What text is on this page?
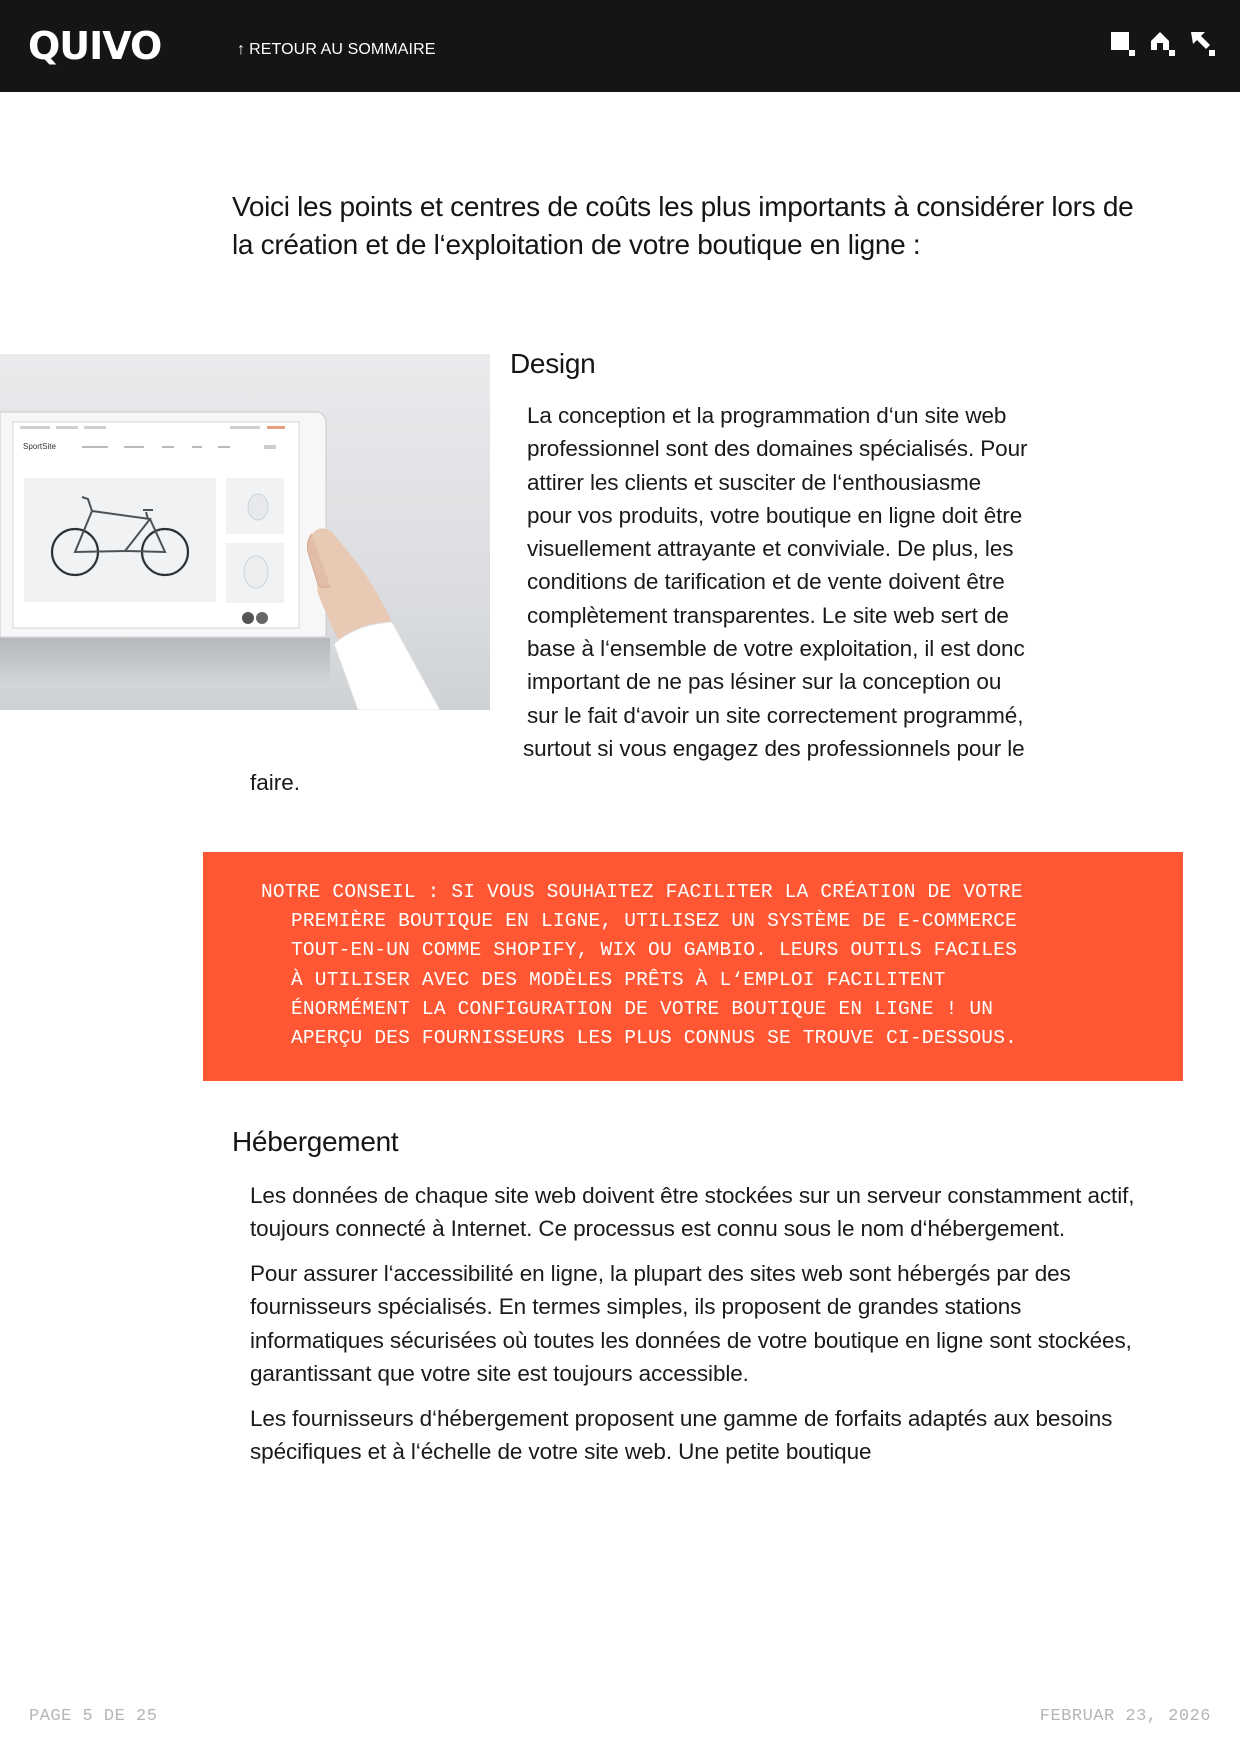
QUIVO	↑ RETOUR AU SOMMAIRE
Voici les points et centres de coûts les plus importants à considérer lors de la création et de l‘exploitation de votre boutique en ligne :
SportSite
Design
La conception et la programmation d‘un site web
professionnel sont des domaines spécialisés. Pour
attirer les clients et susciter de l‘enthousiasme
pour vos produits, votre boutique en ligne doit être
visuellement attrayante et conviviale. De plus, les
conditions de tarification et de vente doivent être
complètement transparentes. Le site web sert de
base à l‘ensemble de votre exploitation, il est donc
important de ne pas lésiner sur la conception ou
sur le fait d‘avoir un site correctement programmé,
surtout si vous engagez des professionnels pour le
faire.
NOTRE CONSEIL : SI VOUS SOUHAITEZ FACILITER LA CRÉATION DE VOTRE
PREMIÈRE BOUTIQUE EN LIGNE, UTILISEZ UN SYSTÈME DE E-COMMERCE
TOUT-EN-UN COMME SHOPIFY, WIX OU GAMBIO. LEURS OUTILS FACILES
À UTILISER AVEC DES MODÈLES PRÊTS À L‘EMPLOI FACILITENT
ÉNORMÉMENT LA CONFIGURATION DE VOTRE BOUTIQUE EN LIGNE ! UN
APERÇU DES FOURNISSEURS LES PLUS CONNUS SE TROUVE CI-DESSOUS.
Hébergement

Les données de chaque site web doivent être stockées sur un serveur constamment actif, toujours connecté à Internet. Ce processus est connu sous le nom d‘hébergement.

Pour assurer l‘accessibilité en ligne, la plupart des sites web sont hébergés par des fournisseurs spécialisés. En termes simples, ils proposent de grandes stations informatiques sécurisées où toutes les données de votre boutique en ligne sont stockées, garantissant que votre site est toujours accessible.

Les fournisseurs d‘hébergement proposent une gamme de forfaits adaptés aux besoins spécifiques et à l‘échelle de votre site web. Une petite boutique

PAGE 5 DE 25	FEBRUAR 23, 2026
